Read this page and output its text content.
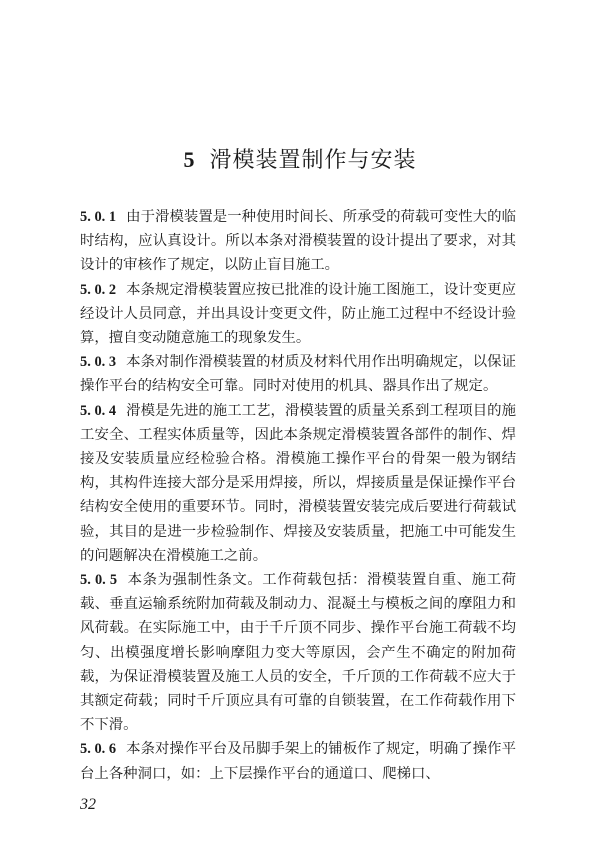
5 滑模装置制作与安装

5. 0. 1 由于滑模装置是一种使用时间长、所承受的荷载可变性大的临时结构，应认真设计。所以本条对滑模装置的设计提出了要求，对其设计的审核作了规定，以防止盲目施工。

5. 0. 2 本条规定滑模装置应按已批准的设计施工图施工，设计变更应经设计人员同意，并出具设计变更文件，防止施工过程中不经设计验算，擅自变动随意施工的现象发生。

5. 0. 3 本条对制作滑模装置的材质及材料代用作出明确规定，以保证操作平台的结构安全可靠。同时对使用的机具、器具作出了规定。

5. 0. 4 滑模是先进的施工工艺，滑模装置的质量关系到工程项目的施工安全、工程实体质量等，因此本条规定滑模装置各部件的制作、焊接及安装质量应经检验合格。滑模施工操作平台的骨架一般为钢结构，其构件连接大部分是采用焊接，所以，焊接质量是保证操作平台结构安全使用的重要环节。同时，滑模装置安装完成后要进行荷载试验，其目的是进一步检验制作、焊接及安装质量，把施工中可能发生的问题解决在滑模施工之前。

5. 0. 5 本条为强制性条文。工作荷载包括：滑模装置自重、施工荷载、垂直运输系统附加荷载及制动力、混凝土与模板之间的摩阻力和风荷载。在实际施工中，由于千斤顶不同步、操作平台施工荷载不均匀、出模强度增长影响摩阻力变大等原因，会产生不确定的附加荷载，为保证滑模装置及施工人员的安全，千斤顶的工作荷载不应大于其额定荷载；同时千斤顶应具有可靠的自锁装置，在工作荷载作用下不下滑。

5. 0. 6 本条对操作平台及吊脚手架上的铺板作了规定，明确了操作平台上各种洞口，如：上下层操作平台的通道口、爬梯口、

32
